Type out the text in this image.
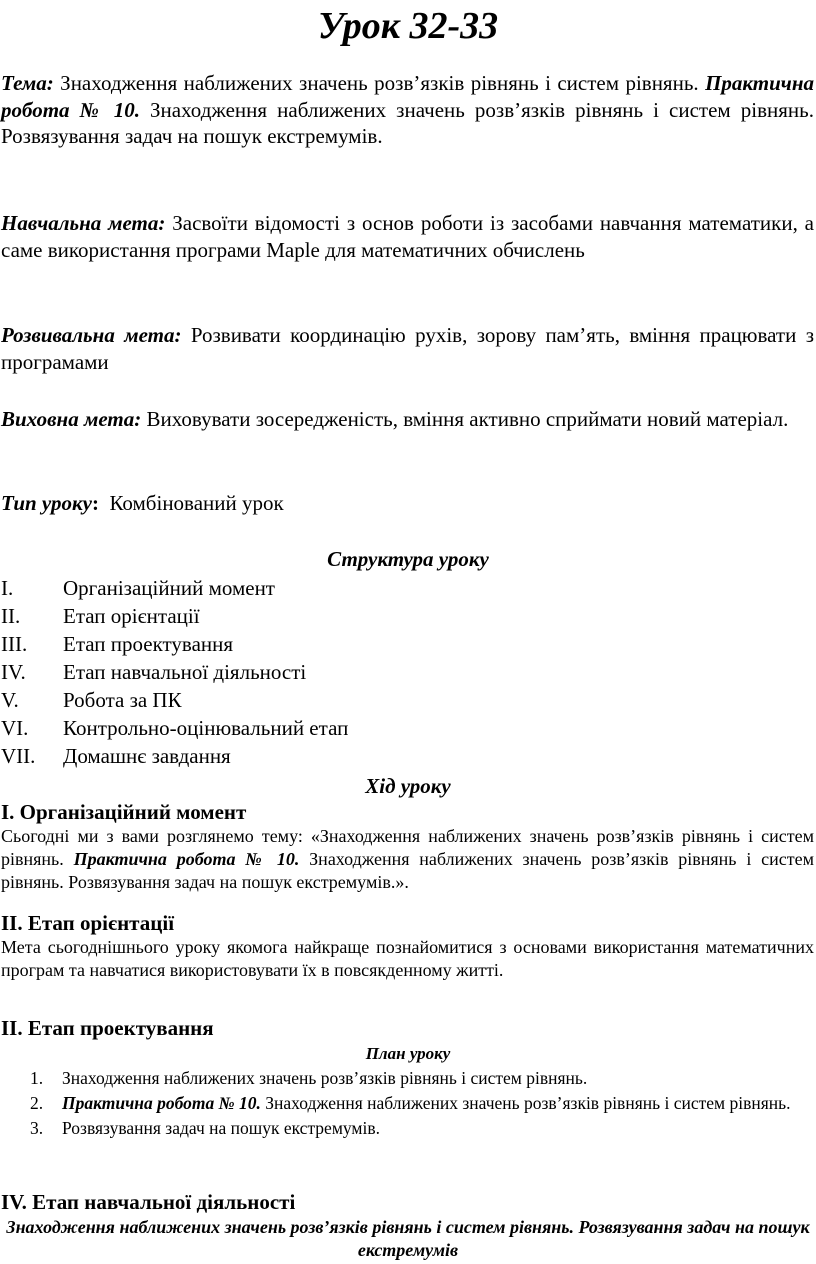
Урок 32-33
Тема: Знаходження наближених значень розв’язків рівнянь і систем рівнянь. Практична робота № 10. Знаходження наближених значень розв’язків рівнянь і систем рівнянь. Розвязування задач на пошук екстремумів.
Навчальна мета: Засвоїти відомості з основ роботи із засобами навчання математики, а саме використання програми Maple для математичних обчислень
Розвивальна мета: Розвивати координацію рухів, зорову пам’ять, вміння працювати з програмами
Виховна мета: Виховувати зосередженість, вміння активно сприймати новий матеріал.
Тип уроку:  Комбінований урок
Структура уроку
I.	Організаційний момент
II.	Етап орієнтації
III.	Етап проектування
IV.	Етап навчальної діяльності
V.	Робота за ПК
VI.	Контрольно-оцінювальний етап
VII.	Домашнє завдання
Хід уроку
I. Організаційний момент
Сьогодні ми з вами розглянемо тему: «Знаходження наближених значень розв’язків рівнянь і систем рівнянь. Практична робота № 10. Знаходження наближених значень розв’язків рівнянь і систем рівнянь. Розвязування задач на пошук екстремумів.».
II. Етап орієнтації
Мета сьогоднішнього уроку якомога найкраще познайомитися з основами використання математичних програм та навчатися використовувати їх в повсякденному житті.
II. Етап проектування
План уроку
1. Знаходження наближених значень розв’язків рівнянь і систем рівнянь.
2. Практична робота № 10. Знаходження наближених значень розв’язків рівнянь і систем рівнянь.
3. Розвязування задач на пошук екстремумів.
IV. Етап навчальної діяльності
Знаходження наближених значень розв’язків рівнянь і систем рівнянь. Розвязування задач на пошук екстремумів
